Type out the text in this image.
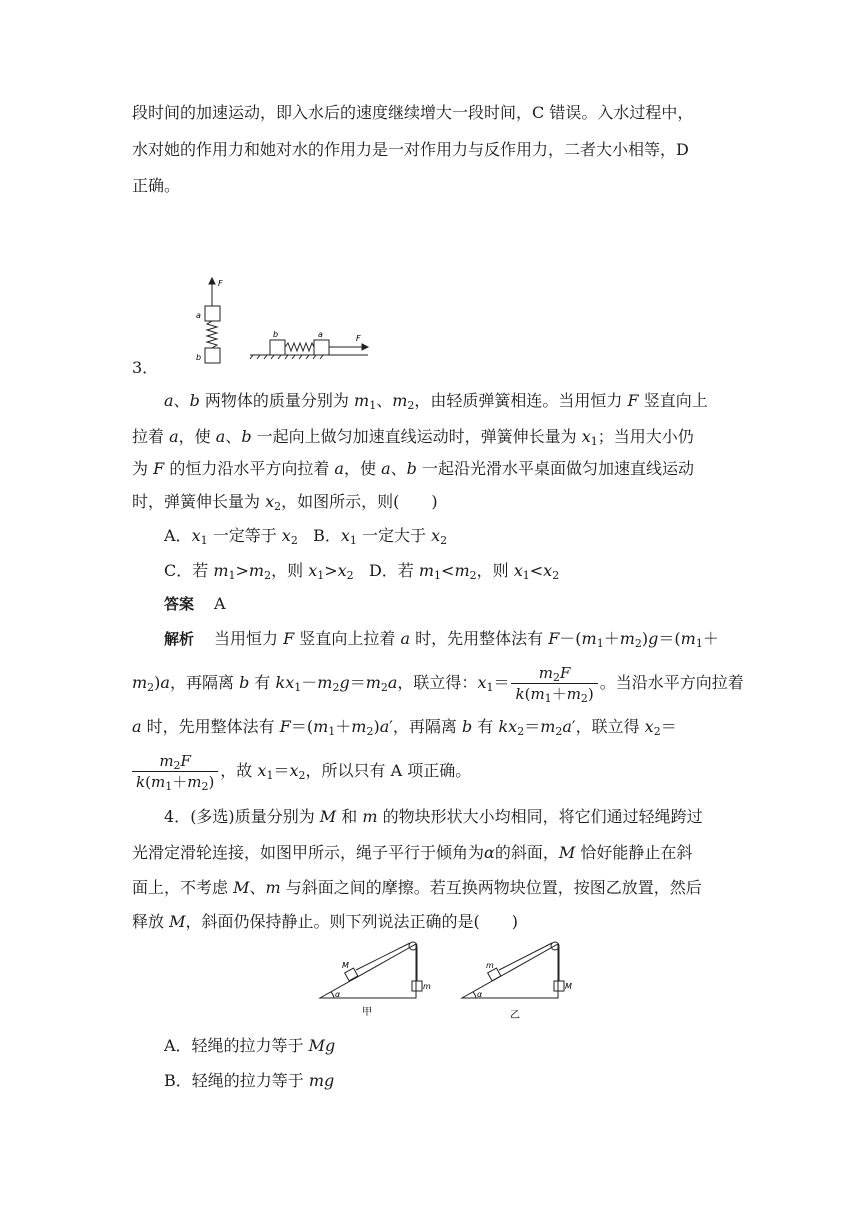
段时间的加速运动，即入水后的速度继续增大一段时间，C 错误。入水过程中，
水对她的作用力和她对水的作用力是一对作用力与反作用力，二者大小相等，D
正确。
F
a
b
b	a	F
3．
a、b 两物体的质量分别为 $m_1$、$m_2$，由轻质弹簧相连。当用恒力 F 竖直向上
拉着 a，使 a、b 一起向上做匀加速直线运动时，弹簧伸长量为 $x_1$；当用大小仍
为 F 的恒力沿水平方向拉着 a，使 a、b 一起沿光滑水平桌面做匀加速直线运动
时，弹簧伸长量为 $x_2$，如图所示，则(　　)
A．$x_1$ 一定等于 $x_2$ B．$x_1$ 一定大于 $x_2$
C．若 $m_1>m_2$，则 $x_1>x_2$ D．若 $m_1<m_2$，则 $x_1<x_2$
答案 A
解析 当用恒力 F 竖直向上拉着 a 时，先用整体法有 $F-(m_1+m_2)g=(m_1+$
$m_2)a$，再隔离 b 有 $kx_1-m_2g=m_2a$，联立得：$x_1= \frac{m_2F}{k(m_1+m_2)}$ 。当沿水平方向拉着
a 时，先用整体法有 $F=(m_1+m_2)a'$，再隔离 b 有 $kx_2=m_2a'$，联立得 $x_2=$
$\frac{m_2F}{k(m_1+m_2)}$ ，故 $x_1=x_2$，所以只有 A 项正确。
4．(多选)质量分别为 M 和 m 的物块形状大小均相同，将它们通过轻绳跨过
光滑定滑轮连接，如图甲所示，绳子平行于倾角为α的斜面，M 恰好能静止在斜
面上，不考虑 M、m 与斜面之间的摩擦。若互换两物块位置，按图乙放置，然后
释放 M，斜面仍保持静止。则下列说法正确的是(　　)
M
m
α
甲
m
M
α
乙
A．轻绳的拉力等于 Mg
B．轻绳的拉力等于 mg
